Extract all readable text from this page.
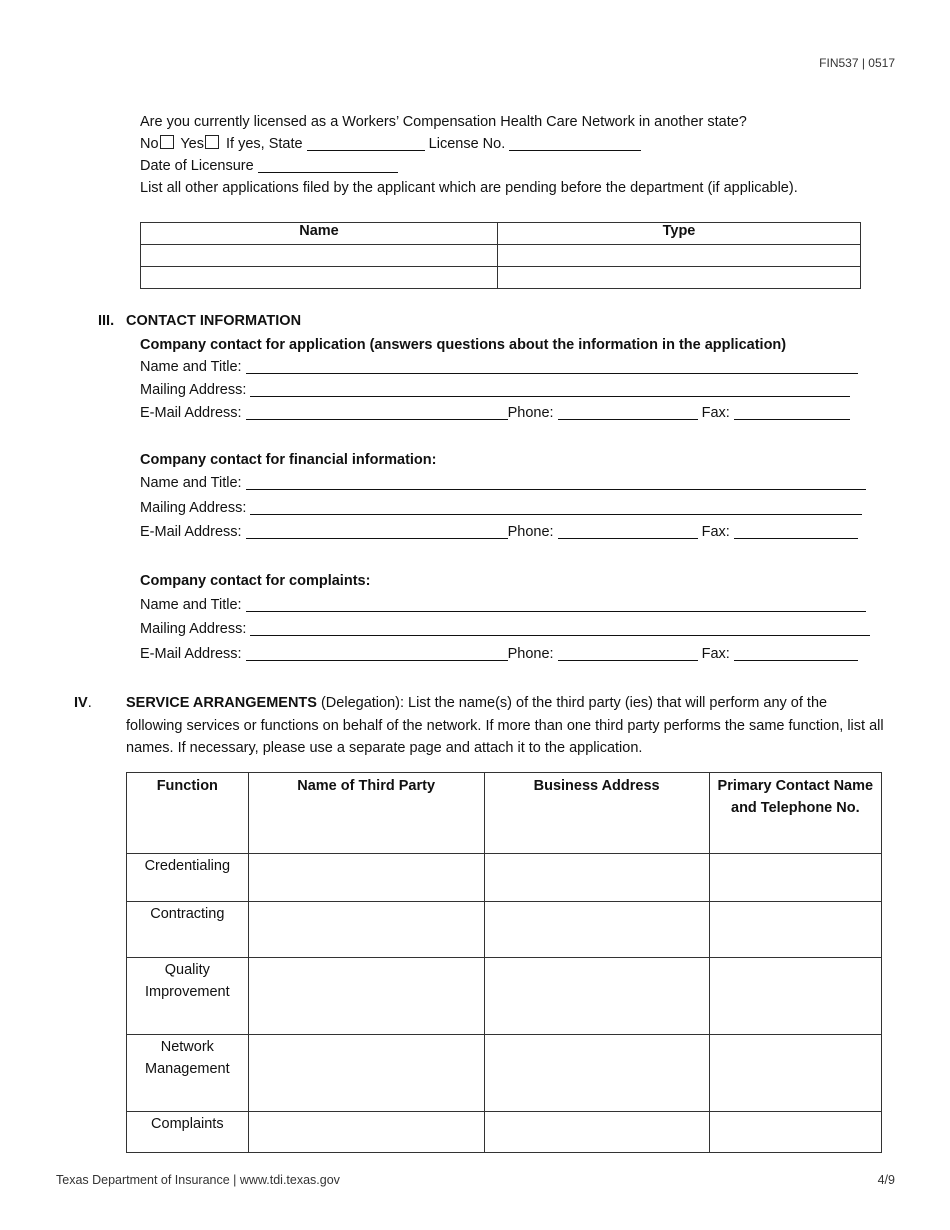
FIN537 | 0517
Are you currently licensed as a Workers’ Compensation Health Care Network in another state?
No Yes If yes, State	License No.
Date of Licensure
List all other applications filed by the applicant which are pending before the department (if applicable).
Name	Type

III. CONTACT INFORMATION
Company contact for application (answers questions about the information in the application)
Name and Title:
Mailing Address:
E-Mail Address:	Phone:	Fax:
Company contact for financial information:
Name and Title:
Mailing Address:
E-Mail Address:	Phone:	Fax:
Company contact for complaints:
Name and Title:
Mailing Address:
E-Mail Address:	Phone:	Fax:
IV. SERVICE ARRANGEMENTS (Delegation): List the name(s) of the third party (ies) that will perform any of the following services or functions on behalf of the network. If more than one third party performs the same function, list all names. If necessary, please use a separate page and attach it to the application.
Function	Name of Third Party	Business Address	Primary Contact Name and Telephone No.
Credentialing			
Contracting			
Quality Improvement			
Network Management			
Complaints			
Texas Department of Insurance | www.tdi.texas.gov	4/9
